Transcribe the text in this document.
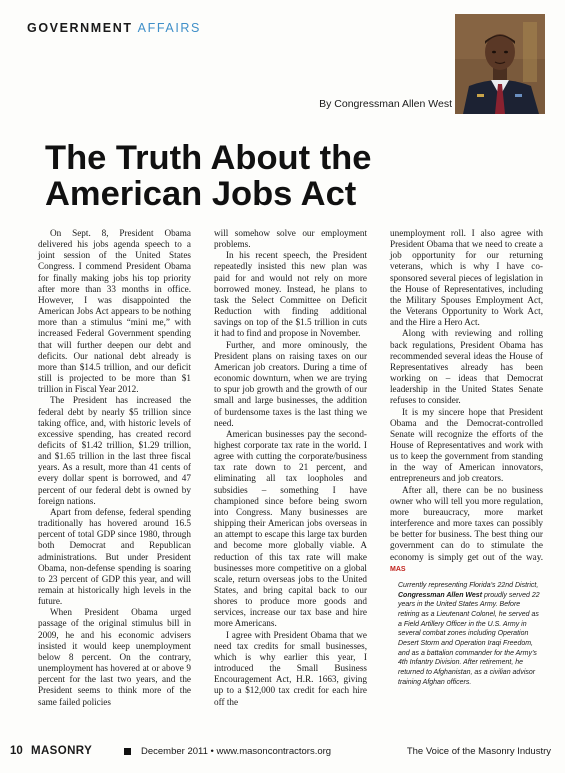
GOVERNMENT AFFAIRS
By Congressman Allen West
The Truth About the American Jobs Act

On Sept. 8, President Obama delivered his jobs agenda speech to a joint session of the United States Congress. I commend President Obama for finally making jobs his top priority after more than 33 months in office. However, I was disappointed the American Jobs Act appears to be nothing more than a stimulus “mini me,” with increased Federal Government spending that will further deepen our debt and deficits. Our national debt already is more than $14.5 trillion, and our deficit still is projected to be more than $1 trillion in Fiscal Year 2012.

The President has increased the federal debt by nearly $5 trillion since taking office, and, with historic levels of excessive spending, has created record deficits of $1.42 trillion, $1.29 trillion, and $1.65 trillion in the last three fiscal years. As a result, more than 41 cents of every dollar spent is borrowed, and 47 percent of our federal debt is owned by foreign nations.

Apart from defense, federal spending traditionally has hovered around 16.5 percent of total GDP since 1980, through both Democrat and Republican administrations. But under President Obama, non-defense spending is soaring to 23 percent of GDP this year, and will remain at historically high levels in the future.

When President Obama urged passage of the original stimulus bill in 2009, he and his economic advisers insisted it would keep unemployment below 8 percent. On the contrary, unemployment has hovered at or above 9 percent for the last two years, and the President seems to think more of the same failed policies

will somehow solve our employment problems.

In his recent speech, the President repeatedly insisted this new plan was paid for and would not rely on more borrowed money. Instead, he plans to task the Select Committee on Deficit Reduction with finding additional savings on top of the $1.5 trillion in cuts it had to find and propose in November.

Further, and more ominously, the President plans on raising taxes on our American job creators. During a time of economic downturn, when we are trying to spur job growth and the growth of our small and large businesses, the addition of burdensome taxes is the last thing we need.

American businesses pay the second-highest corporate tax rate in the world. I agree with cutting the corporate/business tax rate down to 21 percent, and eliminating all tax loopholes and subsidies – something I have championed since before being sworn into Congress. Many businesses are shipping their American jobs overseas in an attempt to escape this large tax burden and become more globally viable. A reduction of this tax rate will make businesses more competitive on a global scale, return overseas jobs to the United States, and bring capital back to our shores to produce more goods and services, increase our tax base and hire more Americans.

I agree with President Obama that we need tax credits for small businesses, which is why earlier this year, I introduced the Small Business Encouragement Act, H.R. 1663, giving up to a $12,000 tax credit for each hire off the

unemployment roll. I also agree with President Obama that we need to create a job opportunity for our returning veterans, which is why I have co-sponsored several pieces of legislation in the House of Representatives, including the Military Spouses Employment Act, the Veterans Opportunity to Work Act, and the Hire a Hero Act.

Along with reviewing and rolling back regulations, President Obama has recommended several ideas the House of Representatives already has been working on – ideas that Democrat leadership in the United States Senate refuses to consider.

It is my sincere hope that President Obama and the Democrat-controlled Senate will recognize the efforts of the House of Representatives and work with us to keep the government from standing in the way of American innovators, entrepreneurs and job creators.

After all, there can be no business owner who will tell you more regulation, more bureaucracy, more market interference and more taxes can possibly be better for business. The best thing our government can do to stimulate the economy is simply get out of the way. MAS

Currently representing Florida’s 22nd District, Congressman Allen West proudly served 22 years in the United States Army. Before retiring as a Lieutenant Colonel, he served as a Field Artillery Officer in the U.S. Army in several combat zones including Operation Desert Storm and Operation Iraqi Freedom, and as a battalion commander for the Army’s 4th Infantry Division. After retirement, he returned to Afghanistan, as a civilian advisor training Afghan officers.
10 MASONRY	December 2011 • www.masoncontractors.org	The Voice of the Masonry Industry
